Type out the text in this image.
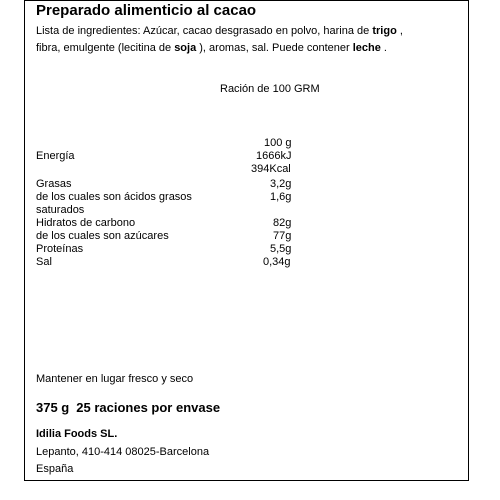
Preparado alimenticio al cacao
Lista de ingredientes: Azúcar, cacao desgrasado en polvo, harina de trigo ,
fibra, emulgente (lecitina de soja ), aromas, sal. Puede contener leche .
Ración de 100 GRM
100 g
Energía	1666kJ
394Kcal
Grasas	3,2g
de los cuales son ácidos grasos	1,6g
saturados
Hidratos de carbono	82g
de los cuales son azúcares	77g
Proteínas	5,5g
Sal	0,34g
Mantener en lugar fresco y seco
375 g 25 raciones por envase
Idilia Foods SL.
Lepanto, 410-414 08025-Barcelona
España
